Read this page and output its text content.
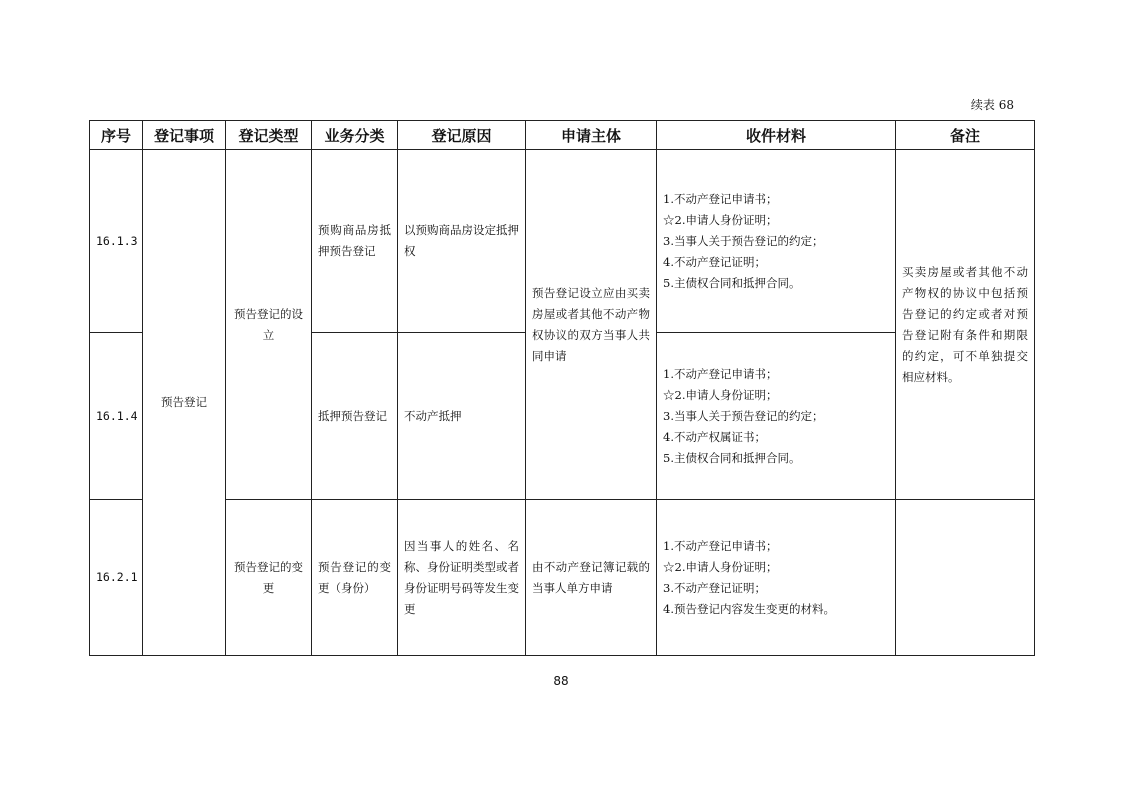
续表 68
序号	登记事项	登记类型	业务分类	登记原因	申请主体	收件材料	备注
16.1.3	预告登记	预告登记的设立	预购商品房抵押预告登记	以预购商品房设定抵押权	预告登记设立应由买卖房屋或者其他不动产物权协议的双方当事人共同申请	1.不动产登记申请书；
☆2.申请人身份证明；
3.当事人关于预告登记的约定；
4.不动产登记证明；
5.主债权合同和抵押合同。	买卖房屋或者其他不动产物权的协议中包括预告登记的约定或者对预告登记附有条件和期限的约定，可不单独提交相应材料。
16.1.4			抵押预告登记	不动产抵押		1.不动产登记申请书；
☆2.申请人身份证明；
3.当事人关于预告登记的约定；
4.不动产权属证书；
5.主债权合同和抵押合同。	

16.2.1		预告登记的变更	预告登记的变更（身份）	因当事人的姓名、名称、身份证明类型或者身份证明号码等发生变更	由不动产登记簿记载的当事人单方申请	1.不动产登记申请书；
☆2.申请人身份证明；
3.不动产登记证明；
4.预告登记内容发生变更的材料。	

88
